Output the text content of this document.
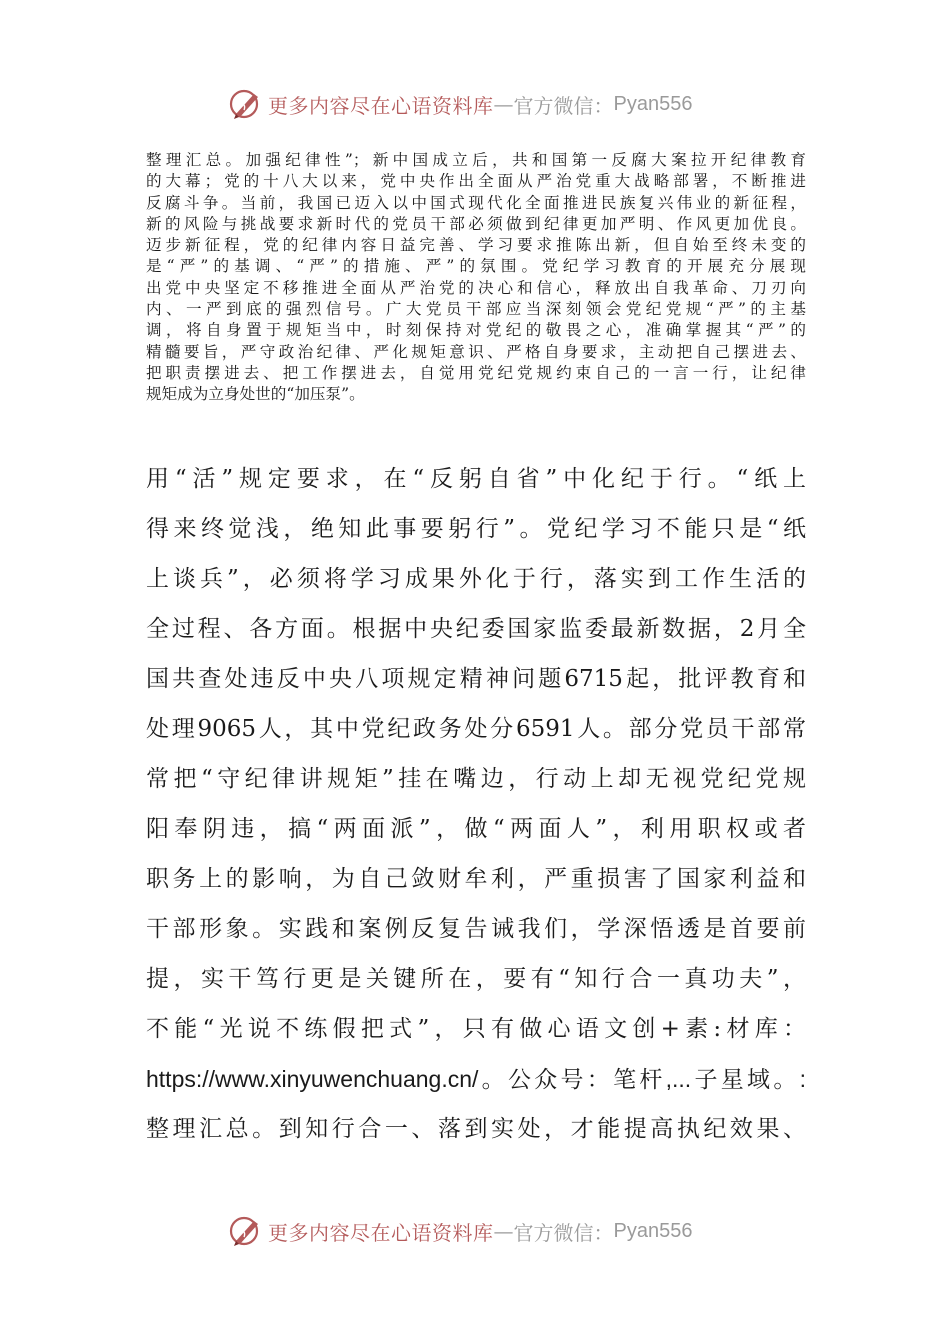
更多内容尽在心语资料库 — 官方微信： Pyan556
整理汇总。加强纪律性”；新中国成立后，共和国第一反腐大案拉开纪律教育
的大幕；党的十八大以来，党中央作出全面从严治党重大战略部署，不断推进
反腐斗争。当前，我国已迈入以中国式现代化全面推进民族复兴伟业的新征程，
新的风险与挑战要求新时代的党员干部必须做到纪律更加严明、作风更加优良。
迈步新征程，党的纪律内容日益完善、学习要求推陈出新，但自始至终未变的
是“严”的基调、“严”的措施、严”的氛围。党纪学习教育的开展充分展现
出党中央坚定不移推进全面从严治党的决心和信心，释放出自我革命、刀刃向
内、一严到底的强烈信号。广大党员干部应当深刻领会党纪党规“严”的主基
调，将自身置于规矩当中，时刻保持对党纪的敬畏之心，准确掌握其“严”的
精髓要旨，严守政治纪律、严化规矩意识、严格自身要求，主动把自己摆进去、
把职责摆进去、把工作摆进去，自觉用党纪党规约束自己的一言一行，让纪律
规矩成为立身处世的“加压泵”。
用“活”规定要求，在“反躬自省”中化纪于行。“纸上
得来终觉浅，绝知此事要躬行”。党纪学习不能只是“纸
上谈兵”，必须将学习成果外化于行，落实到工作生活的
全过程、各方面。根据中央纪委国家监委最新数据，2月全
国共查处违反中央八项规定精神问题6715起，批评教育和
处理9065人，其中党纪政务处分6591人。部分党员干部常
常把“守纪律讲规矩”挂在嘴边，行动上却无视党纪党规
阳奉阴违，搞“两面派”，做“两面人”，利用职权或者
职务上的影响，为自己敛财牟利，严重损害了国家利益和
干部形象。实践和案例反复告诫我们，学深悟透是首要前
提，实干笃行更是关键所在，要有“知行合一真功夫”，
不能“光说不练假把式”，只有做心语文创+素:材库：
https://www.xinyuwenchuang.cn/。公众号：笔杆,...子星域。:
整理汇总。到知行合一、落到实处，才能提高执纪效果、
更多内容尽在心语资料库 — 官方微信： Pyan556
